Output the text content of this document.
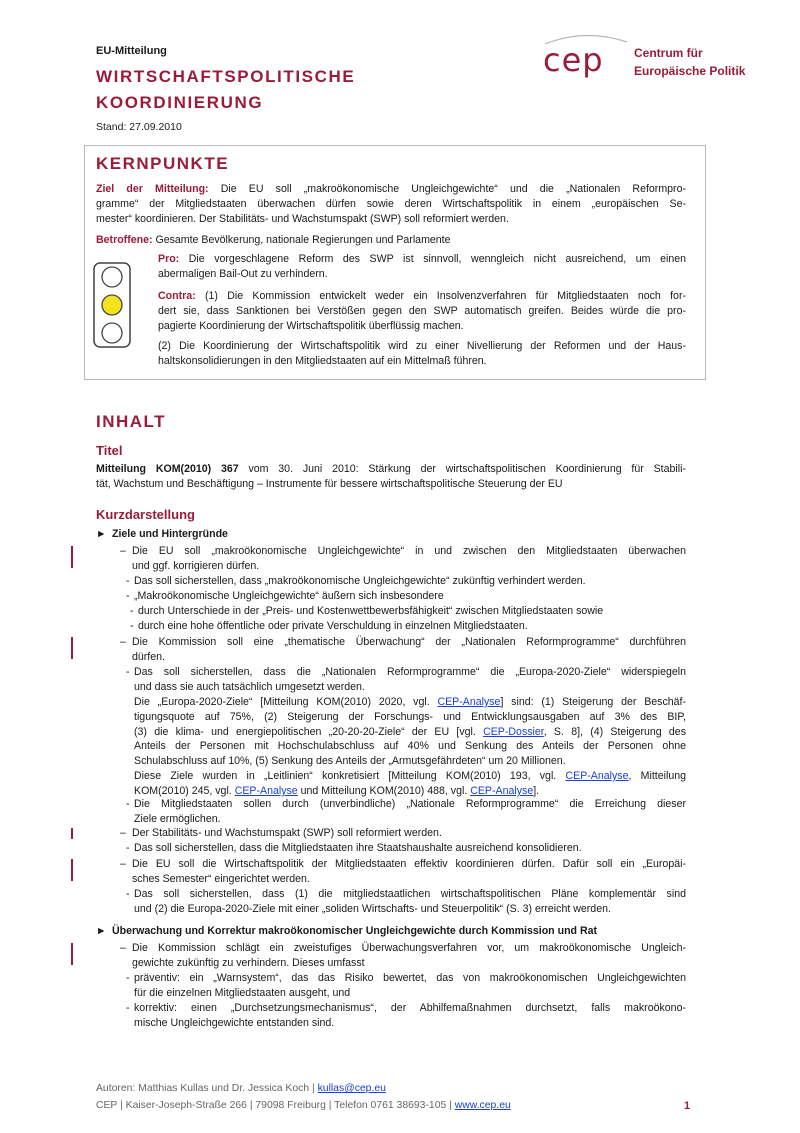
EU-Mitteilung
WIRTSCHAFTSPOLITISCHE
KOORDINIERUNG
Stand: 27.09.2010
cep	Centrum für
Europäische Politik
KERNPUNKTE
Ziel der Mitteilung: Die EU soll „makroökonomische Ungleichgewichte“ und die „Nationalen Reformpro-
gramme“ der Mitgliedstaaten überwachen dürfen sowie deren Wirtschaftspolitik in einem „europäischen Se-
mester“ koordinieren. Der Stabilitäts- und Wachstumspakt (SWP) soll reformiert werden.
Betroffene: Gesamte Bevölkerung, nationale Regierungen und Parlamente
Pro: Die vorgeschlagene Reform des SWP ist sinnvoll, wenngleich nicht ausreichend, um einen
abermaligen Bail-Out zu verhindern.
Contra: (1) Die Kommission entwickelt weder ein Insolvenzverfahren für Mitgliedstaaten noch for-
dert sie, dass Sanktionen bei Verstößen gegen den SWP automatisch greifen. Beides würde die pro-
pagierte Koordinierung der Wirtschaftspolitik überflüssig machen.
(2) Die Koordinierung der Wirtschaftspolitik wird zu einer Nivellierung der Reformen und der Haus-
haltskonsolidierungen in den Mitgliedstaaten auf ein Mittelmaß führen.
INHALT
Titel
Mitteilung KOM(2010) 367 vom 30. Juni 2010: Stärkung der wirtschaftspolitischen Koordinierung für Stabili-
tät, Wachstum und Beschäftigung – Instrumente für bessere wirtschaftspolitische Steuerung der EU
Kurzdarstellung
► Ziele und Hintergründe
– Die EU soll „makroökonomische Ungleichgewichte“ in und zwischen den Mitgliedstaaten überwachen
und ggf. korrigieren dürfen.
- Das soll sicherstellen, dass „makroökonomische Ungleichgewichte“ zukünftig verhindert werden.
- „Makroökonomische Ungleichgewichte“ äußern sich insbesondere
- durch Unterschiede in der „Preis- und Kostenwettbewerbsfähigkeit“ zwischen Mitgliedstaaten sowie
- durch eine hohe öffentliche oder private Verschuldung in einzelnen Mitgliedstaaten.
– Die Kommission soll eine „thematische Überwachung“ der „Nationalen Reformprogramme“ durchführen
dürfen.
- Das soll sicherstellen, dass die „Nationalen Reformprogramme“ die „Europa-2020-Ziele“ widerspiegeln
und dass sie auch tatsächlich umgesetzt werden.
Die „Europa-2020-Ziele“ [Mitteilung KOM(2010) 2020, vgl. CEP-Analyse] sind: (1) Steigerung der Beschäf-
tigungsquote auf 75%, (2) Steigerung der Forschungs- und Entwicklungsausgaben auf 3% des BIP,
(3) die klima- und energiepolitischen „20-20-20-Ziele“ der EU [vgl. CEP-Dossier, S. 8], (4) Steigerung des
Anteils der Personen mit Hochschulabschluss auf 40% und Senkung des Anteils der Personen ohne
Schulabschluss auf 10%, (5) Senkung des Anteils der „Armutsgefährdeten“ um 20 Millionen.
Diese Ziele wurden in „Leitlinien“ konkretisiert [Mitteilung KOM(2010) 193, vgl. CEP-Analyse, Mitteilung
KOM(2010) 245, vgl. CEP-Analyse und Mitteilung KOM(2010) 488, vgl. CEP-Analyse].
- Die Mitgliedstaaten sollen durch (unverbindliche) „Nationale Reformprogramme“ die Erreichung dieser
Ziele ermöglichen.
– Der Stabilitäts- und Wachstumspakt (SWP) soll reformiert werden.
- Das soll sicherstellen, dass die Mitgliedstaaten ihre Staatshaushalte ausreichend konsolidieren.
– Die EU soll die Wirtschaftspolitik der Mitgliedstaaten effektiv koordinieren dürfen. Dafür soll ein „Europäi-
sches Semester“ eingerichtet werden.
- Das soll sicherstellen, dass (1) die mitgliedstaatlichen wirtschaftspolitischen Pläne komplementär sind
und (2) die Europa-2020-Ziele mit einer „soliden Wirtschafts- und Steuerpolitik“ (S. 3) erreicht werden.
► Überwachung und Korrektur makroökonomischer Ungleichgewichte durch Kommission und Rat
– Die Kommission schlägt ein zweistufiges Überwachungsverfahren vor, um makroökonomische Ungleich-
gewichte zukünftig zu verhindern. Dieses umfasst
- präventiv: ein „Warnsystem“, das das Risiko bewertet, das von makroökonomischen Ungleichgewichten
für die einzelnen Mitgliedstaaten ausgeht, und
- korrektiv: einen „Durchsetzungsmechanismus“, der Abhilfemaßnahmen durchsetzt, falls makroökono-
mische Ungleichgewichte entstanden sind.
Autoren: Matthias Kullas und Dr. Jessica Koch | kullas@cep.eu
CEP | Kaiser-Joseph-Straße 266 | 79098 Freiburg | Telefon 0761 38693-105 | www.cep.eu	1
